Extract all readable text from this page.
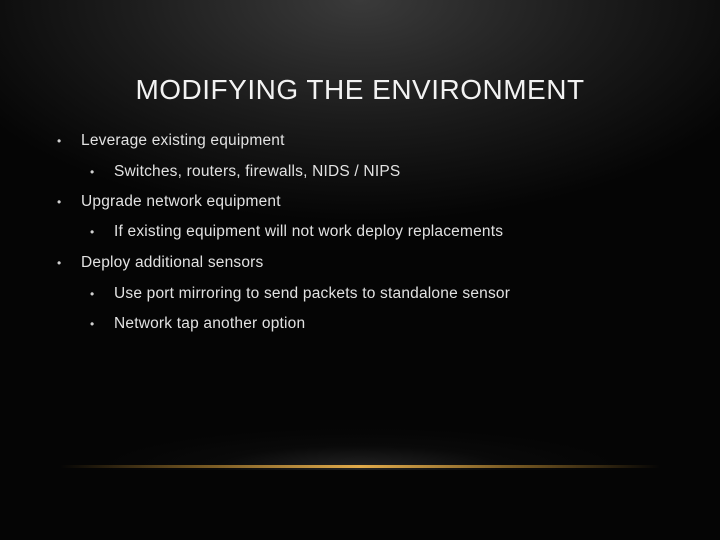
MODIFYING THE ENVIRONMENT
• Leverage existing equipment
• Switches, routers, firewalls, NIDS / NIPS
• Upgrade network equipment
• If existing equipment will not work deploy replacements
• Deploy additional sensors
• Use port mirroring to send packets to standalone sensor
• Network tap another option
